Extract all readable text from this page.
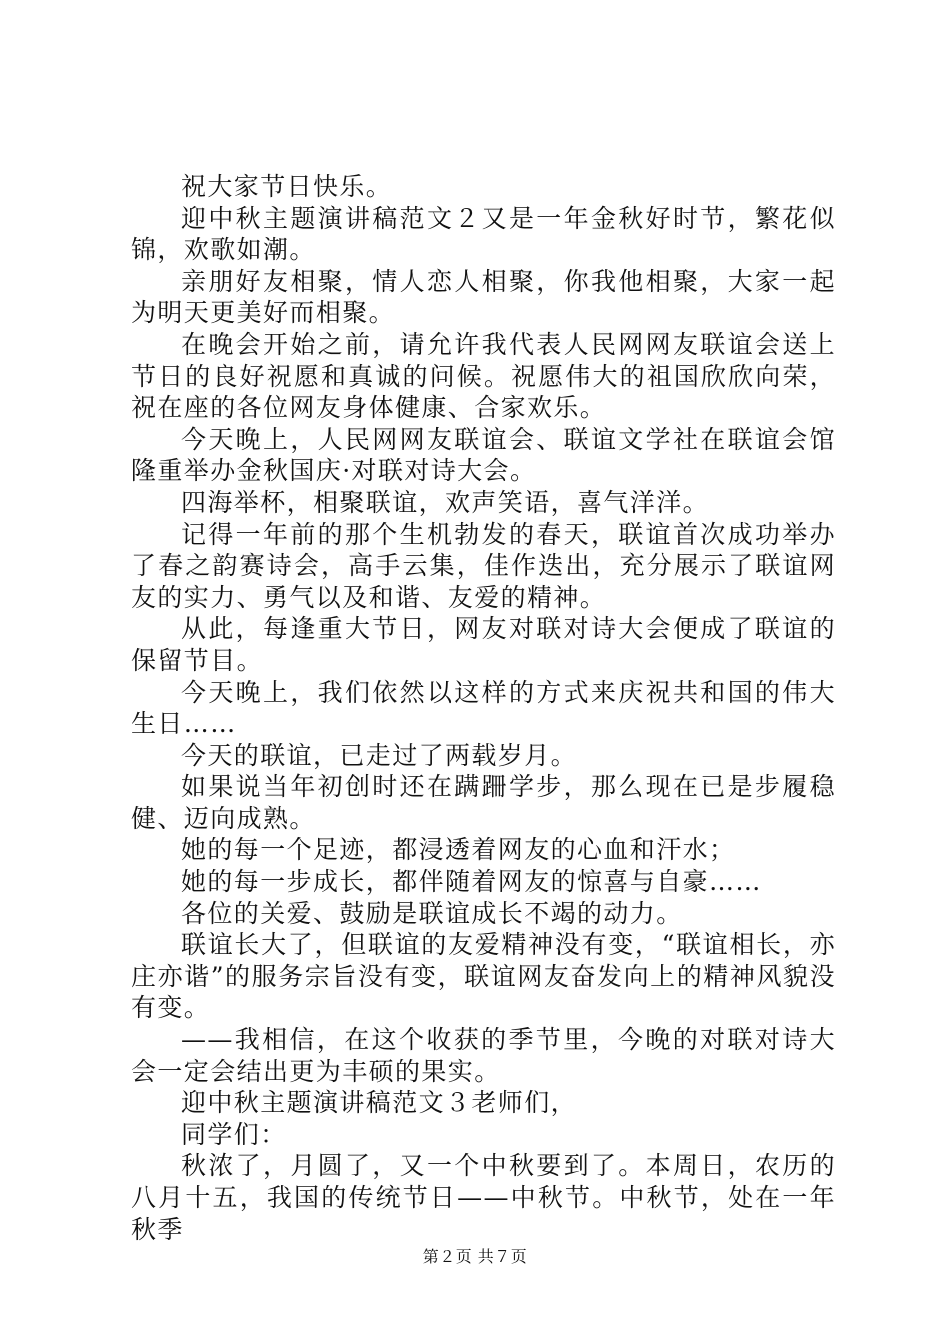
祝大家节日快乐。

迎中秋主题演讲稿范文２又是一年金秋好时节，繁花似锦，欢歌如潮。

亲朋好友相聚，情人恋人相聚，你我他相聚，大家一起为明天更美好而相聚。

在晚会开始之前，请允许我代表人民网网友联谊会送上节日的良好祝愿和真诚的问候。祝愿伟大的祖国欣欣向荣，祝在座的各位网友身体健康、合家欢乐。

今天晚上，人民网网友联谊会、联谊文学社在联谊会馆隆重举办金秋国庆·对联对诗大会。

四海举杯，相聚联谊，欢声笑语，喜气洋洋。

记得一年前的那个生机勃发的春天，联谊首次成功举办了春之韵赛诗会，高手云集，佳作迭出，充分展示了联谊网友的实力、勇气以及和谐、友爱的精神。

从此，每逢重大节日，网友对联对诗大会便成了联谊的保留节目。

今天晚上，我们依然以这样的方式来庆祝共和国的伟大生日……

今天的联谊，已走过了两载岁月。

如果说当年初创时还在蹒跚学步，那么现在已是步履稳健、迈向成熟。

她的每一个足迹，都浸透着网友的心血和汗水；

她的每一步成长，都伴随着网友的惊喜与自豪……

各位的关爱、鼓励是联谊成长不竭的动力。

联谊长大了，但联谊的友爱精神没有变，“联谊相长，亦庄亦谐”的服务宗旨没有变，联谊网友奋发向上的精神风貌没有变。

——我相信，在这个收获的季节里，今晚的对联对诗大会一定会结出更为丰硕的果实。

迎中秋主题演讲稿范文３老师们，

同学们：

秋浓了，月圆了，又一个中秋要到了。本周日，农历的八月十五，我国的传统节日——中秋节。中秋节，处在一年秋季

第２页 共７页
